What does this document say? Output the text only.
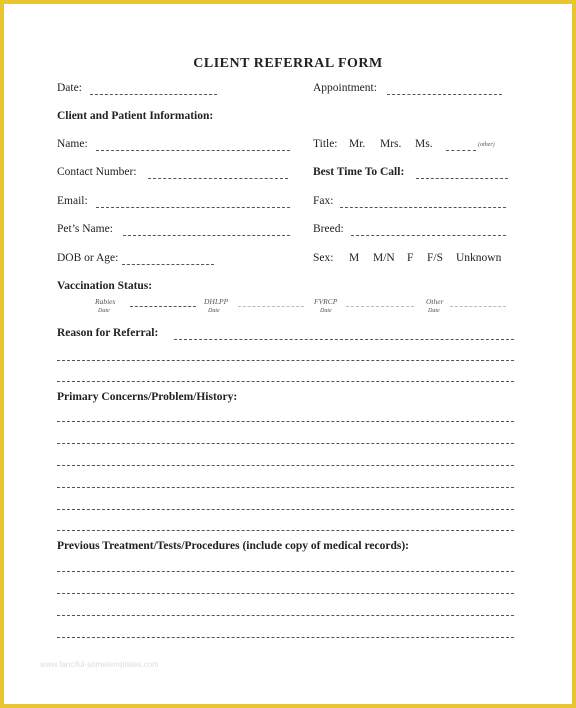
CLIENT REFERRAL FORM
Date:	Appointment:
Client and Patient Information:
Name:	Title: Mr. Mrs. Ms.	(other)
Contact Number:	Best Time To Call:
Email:	Fax:
Pet’s Name:	Breed:
DOB or Age:	Sex: M M/N F F/S Unknown
Vaccination Status:
Rabies
Date
DHLPP
Date
FVRCP
Date
Other
Date
Reason for Referral:
Primary Concerns/Problem/History:
Previous Treatment/Tests/Procedures (include copy of medical records):
www.fanciful-sometemplates.com
